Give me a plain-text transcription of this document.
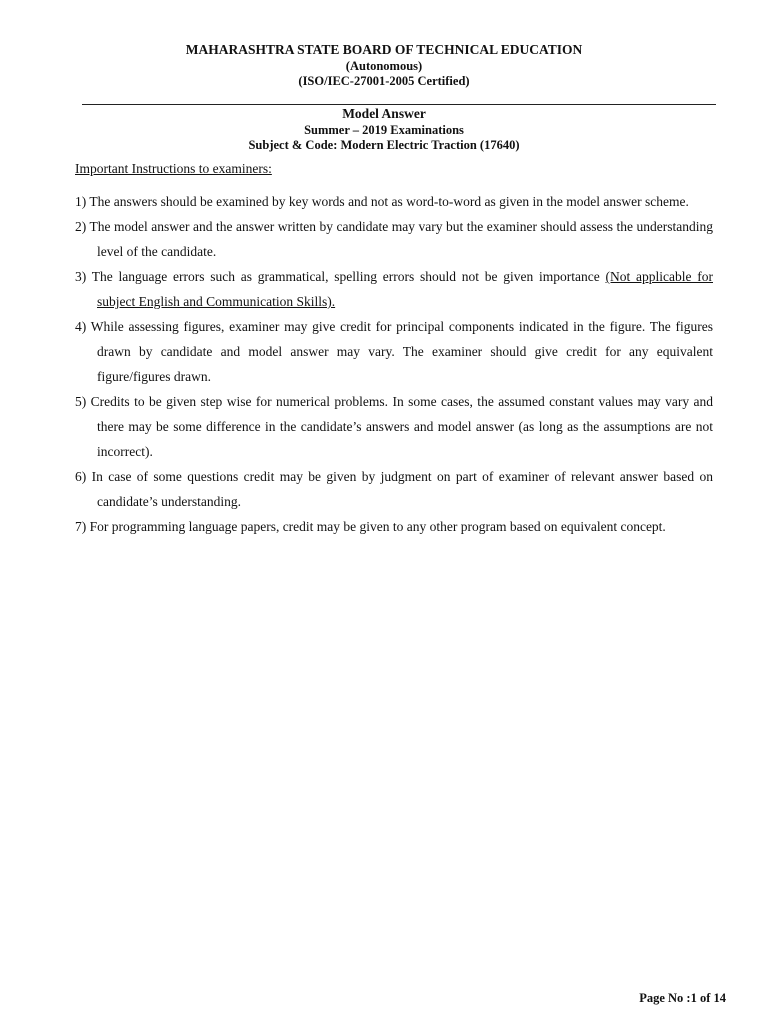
MAHARASHTRA STATE BOARD OF TECHNICAL EDUCATION
(Autonomous)
(ISO/IEC-27001-2005 Certified)
Model Answer
Summer – 2019 Examinations
Subject & Code: Modern Electric Traction (17640)
Important Instructions to examiners:
1) The answers should be examined by key words and not as word-to-word as given in the model answer scheme.
2) The model answer and the answer written by candidate may vary but the examiner should assess the understanding level of the candidate.
3) The language errors such as grammatical, spelling errors should not be given importance (Not applicable for subject English and Communication Skills).
4) While assessing figures, examiner may give credit for principal components indicated in the figure. The figures drawn by candidate and model answer may vary. The examiner should give credit for any equivalent figure/figures drawn.
5) Credits to be given step wise for numerical problems. In some cases, the assumed constant values may vary and there may be some difference in the candidate’s answers and model answer (as long as the assumptions are not incorrect).
6) In case of some questions credit may be given by judgment on part of examiner of relevant answer based on candidate’s understanding.
7) For programming language papers, credit may be given to any other program based on equivalent concept.
Page No :1 of 14
